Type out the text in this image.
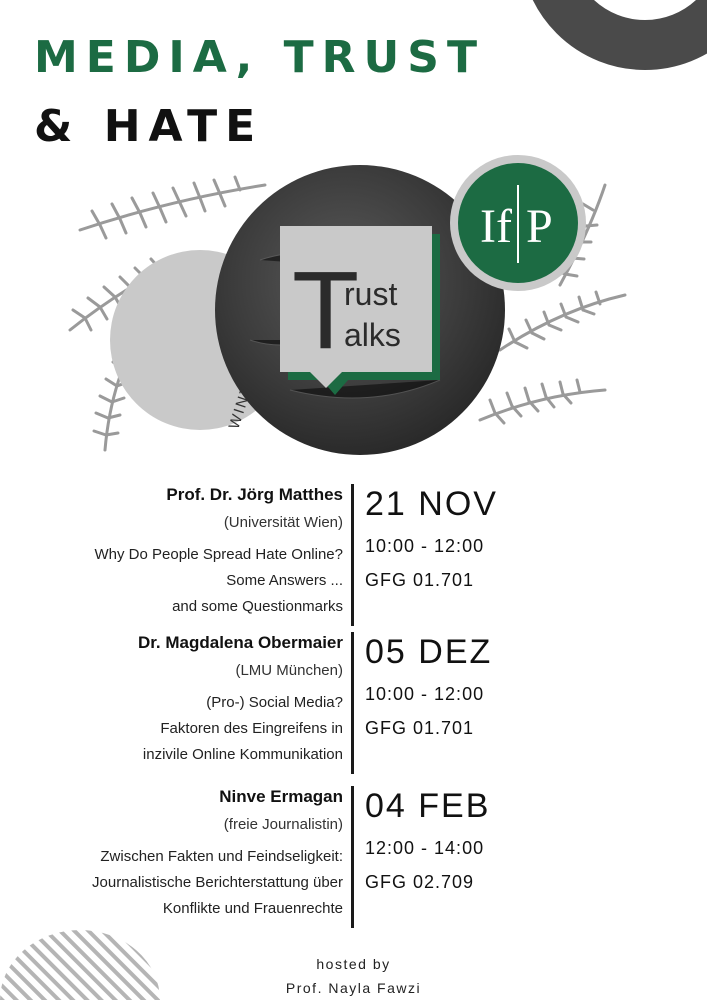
MEDIA, TRUST
& HATE
T
rust
alks
If P

Prof. Dr. Jörg Matthes

(Universität Wien)

Why Do People Spread Hate Online?
Some Answers ...
and some Questionmarks

21 NOV

10:00 - 12:00

GFG 01.701

Dr. Magdalena Obermaier

(LMU München)

(Pro-) Social Media?
Faktoren des Eingreifens in
inzivile Online Kommunikation

05 DEZ

10:00 - 12:00

GFG 01.701

Ninve Ermagan

(freie Journalistin)

Zwischen Fakten und Feindseligkeit:
Journalistische Berichterstattung über
Konflikte und Frauenrechte

04 FEB

12:00 - 14:00

GFG 02.709

hosted by
Prof. Nayla Fawzi
